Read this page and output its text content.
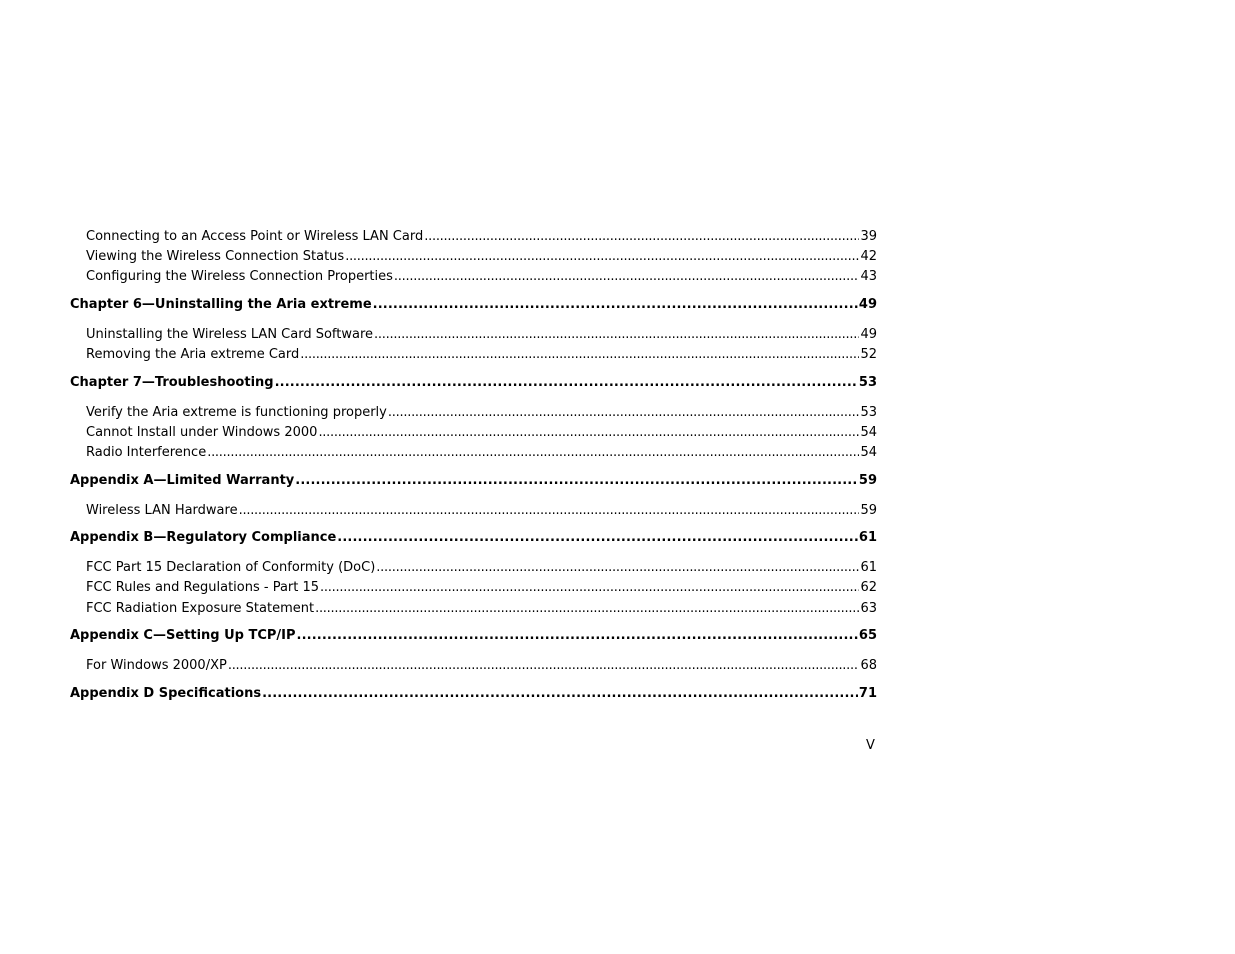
Connecting to an Access Point or Wireless LAN Card . . .	39
Viewing the Wireless Connection Status . . .	42
Configuring the Wireless Connection Properties . . .	43
Chapter 6—Uninstalling the Aria extreme . . .	49
Uninstalling the Wireless LAN Card Software . . .	49
Removing the Aria extreme Card . . .	52
Chapter 7—Troubleshooting . . .	53
Verify the Aria extreme is functioning properly . . .	53
Cannot Install under Windows 2000 . . .	54
Radio Interference . . .	54
Appendix A—Limited Warranty . . .	59
Wireless LAN Hardware . . .	59
Appendix B—Regulatory Compliance . . .	61
FCC Part 15 Declaration of Conformity (DoC) . . .	61
FCC Rules and Regulations - Part 15 . . .	62
FCC Radiation Exposure Statement . . .	63
Appendix C—Setting Up TCP/IP . . .	65
For Windows 2000/XP . . .	68
Appendix D Specifications . . .	71
V
